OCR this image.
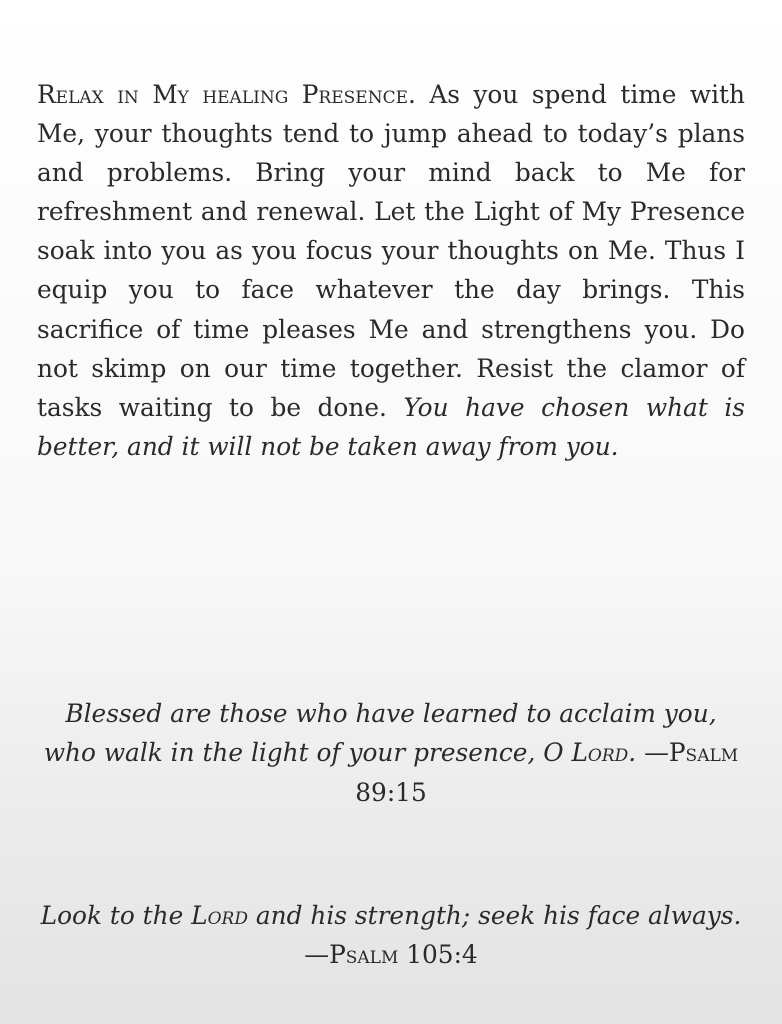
Relax in My healing Presence. As you spend time with Me, your thoughts tend to jump ahead to today’s plans and problems. Bring your mind back to Me for refreshment and renewal. Let the Light of My Presence soak into you as you focus your thoughts on Me. Thus I equip you to face whatever the day brings. This sacrifice of time pleases Me and strengthens you. Do not skimp on our time together. Resist the clamor of tasks waiting to be done. You have chosen what is better, and it will not be taken away from you.

Blessed are those who have learned to acclaim you, who walk in the light of your presence, O Lord. —Psalm 89:15

Look to the Lord and his strength; seek his face always. —Psalm 105:4
